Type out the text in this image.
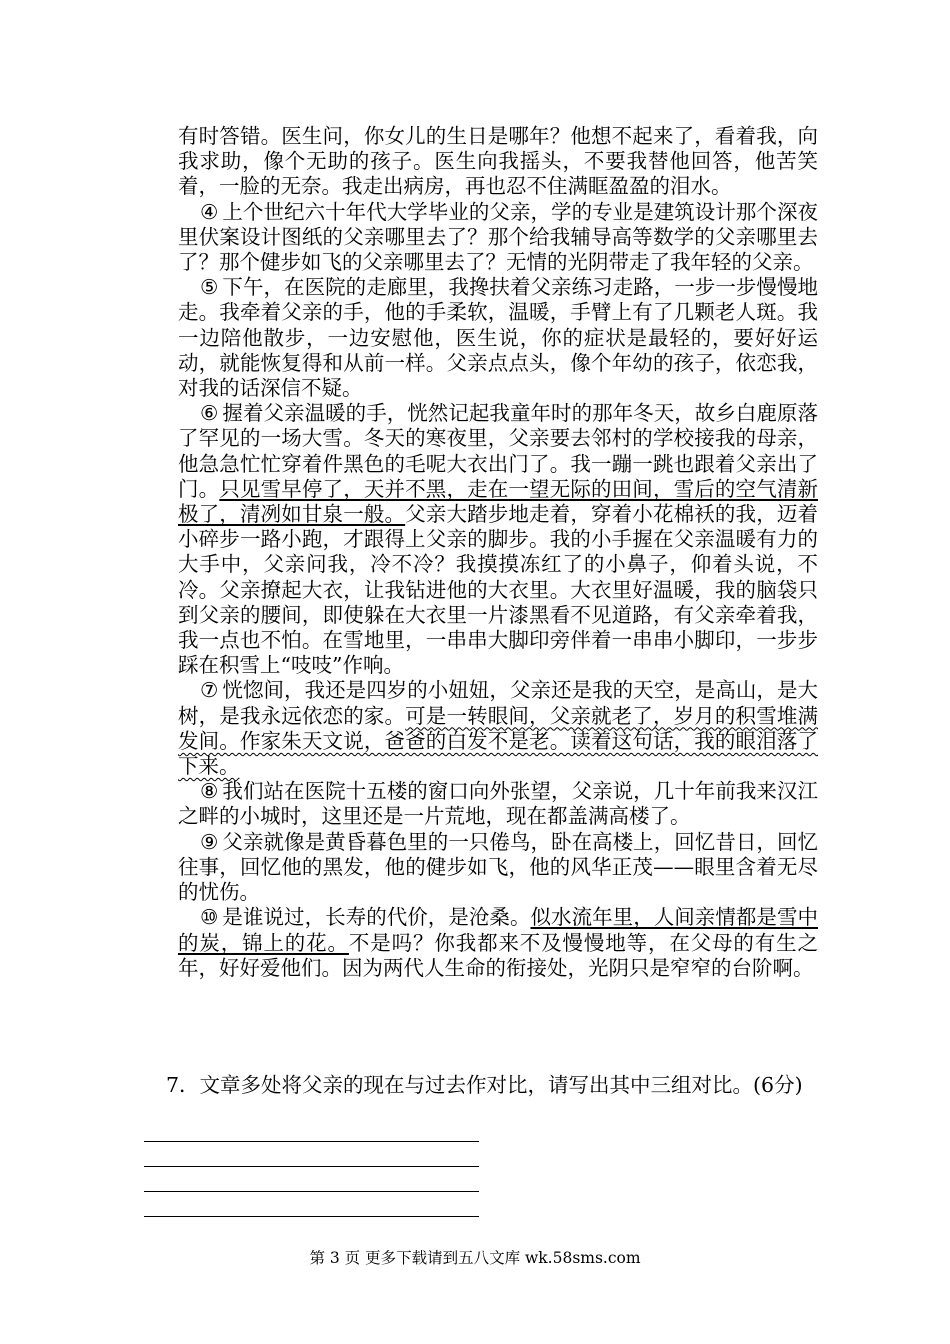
有时答错。医生问，你女儿的生日是哪年？他想不起来了，看着我，向我求助，像个无助的孩子。医生向我摇头，不要我替他回答，他苦笑着，一脸的无奈。我走出病房，再也忍不住满眶盈盈的泪水。

④ 上个世纪六十年代大学毕业的父亲，学的专业是建筑设计那个深夜里伏案设计图纸的父亲哪里去了？那个给我辅导高等数学的父亲哪里去了？那个健步如飞的父亲哪里去了？无情的光阴带走了我年轻的父亲。

⑤ 下午，在医院的走廊里，我搀扶着父亲练习走路，一步一步慢慢地走。我牵着父亲的手，他的手柔软，温暖，手臂上有了几颗老人斑。我一边陪他散步，一边安慰他，医生说，你的症状是最轻的，要好好运动，就能恢复得和从前一样。父亲点点头，像个年幼的孩子，依恋我，对我的话深信不疑。

⑥ 握着父亲温暖的手，恍然记起我童年时的那年冬天，故乡白鹿原落了罕见的一场大雪。冬天的寒夜里，父亲要去邻村的学校接我的母亲，他急急忙忙穿着件黑色的毛呢大衣出门了。我一蹦一跳也跟着父亲出了门。只见雪早停了，天并不黑，走在一望无际的田间，雪后的空气清新极了，清冽如甘泉一般。父亲大踏步地走着，穿着小花棉袄的我，迈着小碎步一路小跑，才跟得上父亲的脚步。我的小手握在父亲温暖有力的大手中，父亲问我，冷不冷？我摸摸冻红了的小鼻子，仰着头说，不冷。父亲撩起大衣，让我钻进他的大衣里。大衣里好温暖，我的脑袋只到父亲的腰间，即使躲在大衣里一片漆黑看不见道路，有父亲牵着我，我一点也不怕。在雪地里，一串串大脚印旁伴着一串串小脚印，一步步踩在积雪上“吱吱”作响。

⑦ 恍惚间，我还是四岁的小妞妞，父亲还是我的天空，是高山，是大树，是我永远依恋的家。可是一转眼间，父亲就老了，岁月的积雪堆满发间。作家朱天文说，爸爸的白发不是老。读着这句话，我的眼泪落了下来。

⑧ 我们站在医院十五楼的窗口向外张望，父亲说，几十年前我来汉江之畔的小城时，这里还是一片荒地，现在都盖满高楼了。

⑨ 父亲就像是黄昏暮色里的一只倦鸟，卧在高楼上，回忆昔日，回忆往事，回忆他的黑发，他的健步如飞，他的风华正茂——眼里含着无尽的忧伤。

⑩ 是谁说过，长寿的代价，是沧桑。似水流年里，人间亲情都是雪中的炭，锦上的花。不是吗？你我都来不及慢慢地等，在父母的有生之年，好好爱他们。因为两代人生命的衔接处，光阴只是窄窄的台阶啊。

7．文章多处将父亲的现在与过去作对比，请写出其中三组对比。(6分)

第 3 页 更多下载请到五八文库 wk.58sms.com
